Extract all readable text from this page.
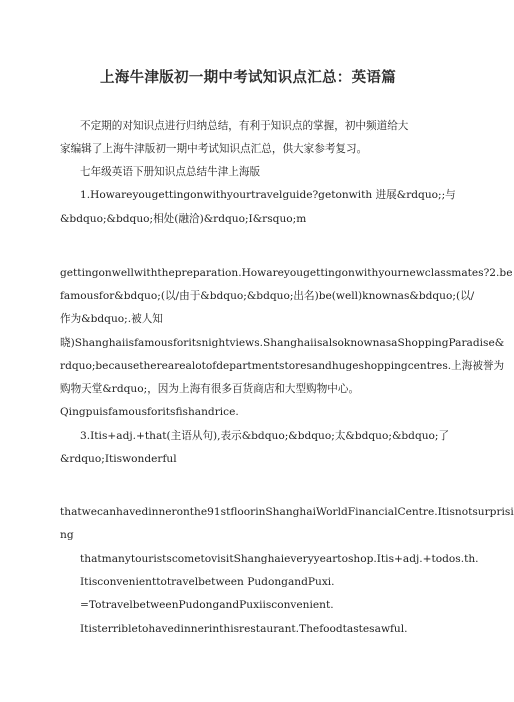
上海牛津版初一期中考试知识点汇总：英语篇
不定期的对知识点进行归纳总结，有利于知识点的掌握，初中频道给大
家编辑了上海牛津版初一期中考试知识点汇总，供大家参考复习。
七年级英语下册知识点总结牛津上海版
1.Howareyougettingonwithyourtravelguide?getonwith 进展&rdquo;;与
&bdquo;&bdquo;相处(融洽)&rdquo;I&rsquo;m
gettingonwellwiththepreparation.Howareyougettingonwithyournewclassmates?2.be
famousfor&bdquo;(以/由于&bdquo;&bdquo;出名)be(well)knownas&bdquo;(以/
作为&bdquo;.被人知
晓)Shanghaiisfamousforitsnightviews.ShanghaiisalsoknownasaShoppingParadise&
rdquo;becausetherearealotofdepartmentstoresandhugeshoppingcentres.上海被誉为
购物天堂&rdquo;，因为上海有很多百货商店和大型购物中心。
Qingpuisfamousforitsfishandrice.
3.Itis+adj.+that(主语从句),表示&bdquo;&bdquo;太&bdquo;&bdquo;了
&rdquo;Itiswonderful
thatwecanhavedinneronthe91stfloorinShanghaiWorldFinancialCentre.Itisnotsurprisi
ng
thatmanytouristscometovisitShanghaieveryyeartoshop.Itis+adj.+todos.th.
Itisconvenienttotravelbetween PudongandPuxi.
=TotravelbetweenPudongandPuxiisconvenient.
Itisterribletohavedinnerinthisrestaurant.Thefoodtastesawful.
